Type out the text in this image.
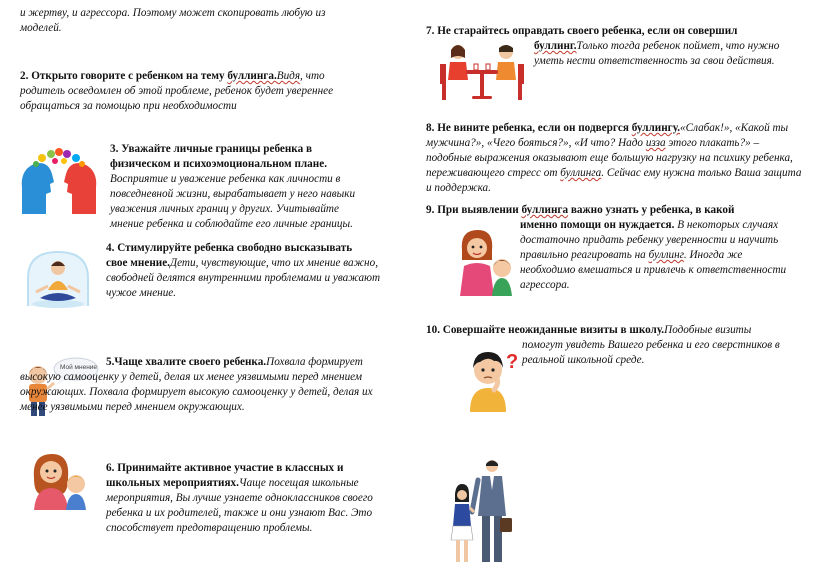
и жертву, и агрессора. Поэтому может скопировать любую из моделей.
2. Открыто говорите с ребенком на тему буллинга.Видя, что родитель осведомлен об этой проблеме, ребенок будет увереннее обращаться за помощью при необходимости
3. Уважайте личные границы ребенка в
физическом и психоэмоциональном плане.
Восприятие и уважение ребенка как личности в повседневной жизни, вырабатывает у него навыки уважения личных границ у других. Учитывайте мнение ребенка и соблюдайте его личные границы.
4. Стимулируйте ребенка свободно высказывать
свое мнение.Дети, чувствующие, что их мнение важно, свободней делятся внутренними проблемами и уважают чужое мнение.
Мой мнение 5.Чаще хвалите своего ребенка.Похвала формирует высокую самооценку у детей, делая их менее уязвимыми перед мнением окружающих. Похвала формирует высокую самооценку у детей, делая их менее уязвимыми перед мнением окружающих.
6. Принимайте активное участие в классных и
школьных мероприятиях.Чаще посещая школьные мероприятия, Вы лучше узнаете одноклассников своего ребенка и их родителей, также и они узнают Вас. Это способствует предотвращению проблемы.
7. Не старайтесь оправдать своего ребенка, если он совершил

буллинг.Только тогда ребенок поймет, что нужно уметь нести ответственность за свои действия.
8. Не вините ребенка, если он подвергся буллингу.«Слабак!», «Какой ты мужчина?», «Чего бояться?», «И что? Надо изза этого плакать?» – подобные выражения оказывают еще большую нагрузку на психику ребенка, переживающего стресс от буллинга. Сейчас ему нужна только Ваша защита и поддержка.
9. При выявлении буллинга важно узнать у ребенка, в какой

именно помощи он нуждается. В некоторых случаях достаточно придать ребенку уверенности и научить правильно реагировать на буллинг. Иногда же необходимо вмешаться и привлечь к ответственности агрессора.
10. Совершайте неожиданные визиты в школу.Подобные визиты

помогут увидеть Вашего ребенка и его сверстников в реальной школьной среде.
?
